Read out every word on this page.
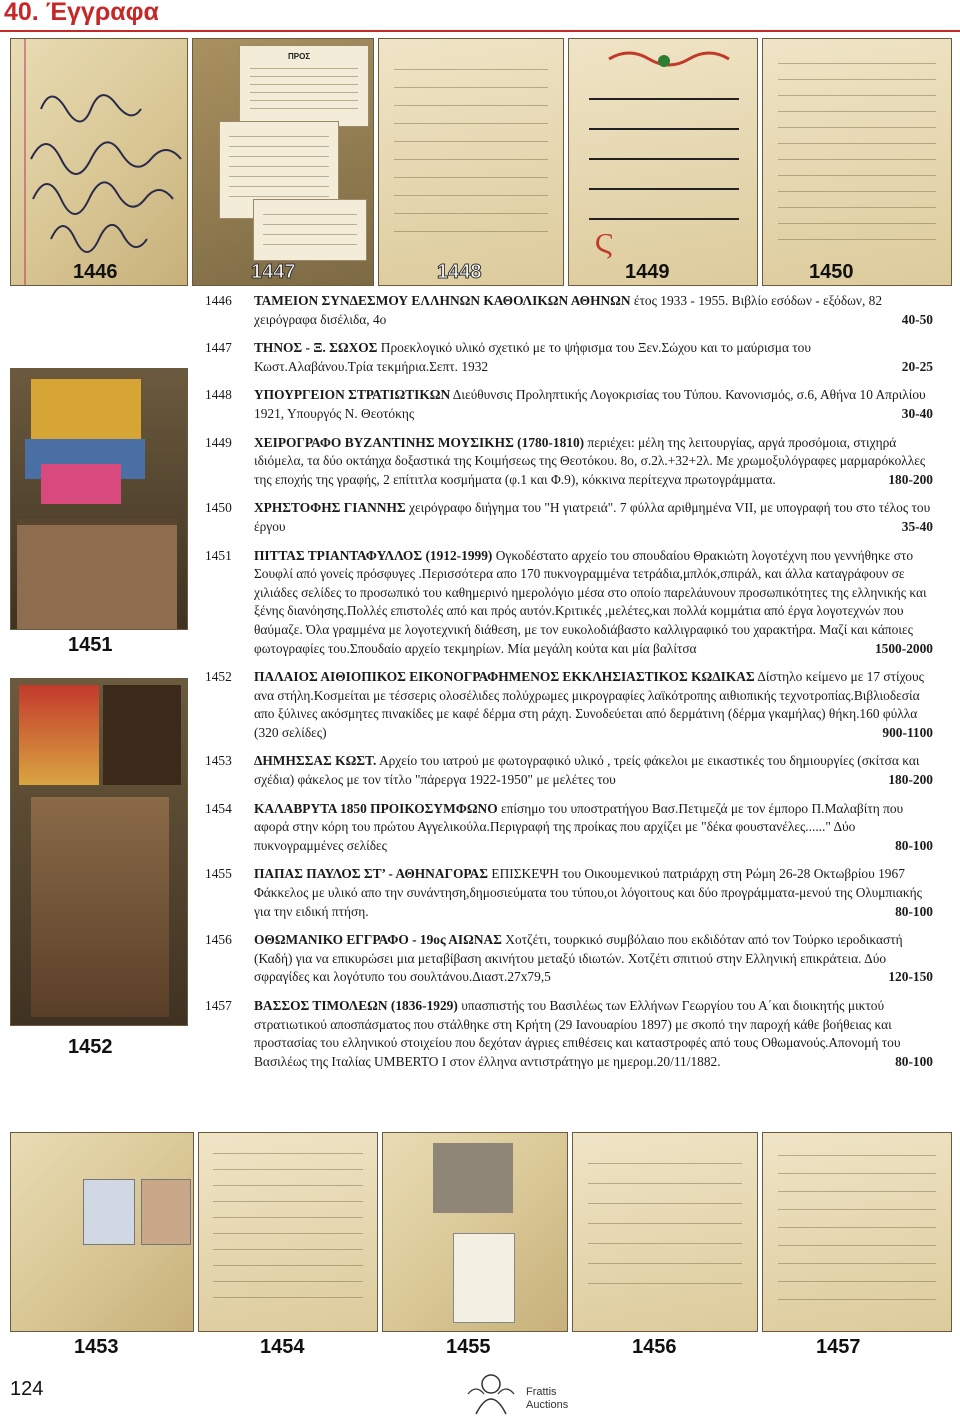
40. Έγγραφα
1446
ΠΡΟΣ
1447	1448
Ϛ
1449	1450
1451
1452
1446 ΤΑΜΕΙΟΝ ΣΥΝΔΕΣΜΟΥ ΕΛΛΗΝΩΝ ΚΑΘΟΛΙΚΩΝ ΑΘΗΝΩΝ έτος 1933 - 1955. Βιβλίο εσόδων - εξόδων, 82 χειρόγραφα δισέλιδα, 4ο	40-50
1447 ΤΗΝΟΣ - Ξ. ΣΩΧΟΣ Προεκλογικό υλικό σχετικό με το ψήφισμα του Ξεν.Σώχου και το μαύρισμα του Κωστ.Αλαβάνου.Τρία τεκμήρια.Σεπτ. 1932	20-25
1448 ΥΠΟΥΡΓΕΙΟΝ ΣΤΡΑΤΙΩΤΙΚΩΝ Διεύθυνσις Προληπτικής Λογοκρισίας του Τύπου. Κανονισμός, σ.6, Αθήνα 10 Απριλίου 1921, Υπουργός Ν. Θεοτόκης	30-40
1449 ΧΕΙΡΟΓΡΑΦΟ ΒΥΖΑΝΤΙΝΗΣ ΜΟΥΣΙΚΗΣ (1780-1810) περιέχει: μέλη της λειτουργίας, αργά προσόμοια, στιχηρά ιδιόμελα, τα δύο οκτάηχα δοξαστικά της Κοιμήσεως της Θεοτόκου. 8ο, σ.2λ.+32+2λ. Με χρωμοξυλόγραφες μαρμαρόκολλες της εποχής της γραφής, 2 επίτιτλα κοσμήματα (φ.1 και Φ.9), κόκκινα περίτεχνα πρωτογράμματα.	180-200
1450 ΧΡΗΣΤΟΦΗΣ ΓΙΑΝΝΗΣ χειρόγραφο διήγημα του "Η γιατρειά". 7 φύλλα αριθμημένα VII, με υπογραφή του στο τέλος του έργου	35-40
1451 ΠΙΤΤΑΣ ΤΡΙΑΝΤΑΦΥΛΛΟΣ (1912-1999) Ογκοδέστατο αρχείο του σπουδαίου Θρακιώτη λογοτέχνη που γεννήθηκε στο Σουφλί από γονείς πρόσφυγες .Περισσότερα απο 170 πυκνογραμμένα τετράδια,μπλόκ,σπιράλ, και άλλα καταγράφουν σε χιλιάδες σελίδες το προσωπικό του καθημερινό ημερολόγιο μέσα στο οποίο παρελάυνουν προσωπικότητες της ελληνικής και ξένης διανόησης.Πολλές επιστολές από και πρός αυτόν.Κριτικές ,μελέτες,και πολλά κομμάτια από έργα λογοτεχνών που θαύμαζε. Όλα γραμμένα με λογοτεχνική διάθεση, με τον ευκολοδιάβαστο καλλιγραφικό του χαρακτήρα. Μαζί και κάποιες φωτογραφίες του.Σπουδαίο αρχείο τεκμηρίων. Μία μεγάλη κούτα και μία βαλίτσα	1500-2000
1452 ΠΑΛΑΙΟΣ ΑΙΘΙΟΠΙΚΟΣ ΕΙΚΟΝΟΓΡΑΦΗΜΕΝΟΣ ΕΚΚΛΗΣΙΑΣΤΙΚΟΣ ΚΩΔΙΚΑΣ Δίστηλο κείμενο με 17 στίχους ανα στήλη.Κοσμείται με τέσσερις ολοσέλιδες πολύχρωμες μικρογραφίες λαϊκότροπης αιθιοπικής τεχνοτροπίας.Βιβλιοδεσία απο ξύλινες ακόσμητες πινακίδες με καφέ δέρμα στη ράχη. Συνοδεύεται από δερμάτινη (δέρμα γκαμήλας) θήκη.160 φύλλα (320 σελίδες)	900-1100
1453 ΔΗΜΗΣΣΑΣ ΚΩΣΤ. Αρχείο του ιατρού με φωτογραφικό υλικό , τρείς φάκελοι με εικαστικές του δημιουργίες (σκίτσα και σχέδια) φάκελος με τον τίτλο "πάρεργα 1922-1950" με μελέτες του	180-200
1454 ΚΑΛΑΒΡΥΤΑ 1850 ΠΡΟΙΚΟΣΥΜΦΩΝΟ επίσημο του υποστρατήγου Βασ.Πετιμεζά με τον έμπορο Π.Μαλαβίτη που αφορά στην κόρη του πρώτου Αγγελικούλα.Περιγραφή της προίκας που αρχίζει με "δέκα φουστανέλες......" Δύο πυκνογραμμένες σελίδες	80-100
1455 ΠΑΠΑΣ ΠΑΥΛΟΣ ΣΤ’ - ΑΘΗΝΑΓΟΡΑΣ ΕΠΙΣΚΕΨΗ του Οικουμενικού πατριάρχη στη Ρώμη 26-28 Οκτωβρίου 1967 Φάκκελος με υλικό απο την συνάντηση,δημοσιεύματα του τύπου,οι λόγοιτους και δύο προγράμματα-μενού της Ολυμπιακής για την ειδική πτήση.	80-100
1456 ΟΘΩΜΑΝΙΚΟ ΕΓΓΡΑΦΟ - 19ος ΑΙΩΝΑΣ Χοτζέτι, τουρκικό συμβόλαιο που εκδιδόταν από τον Τούρκο ιεροδικαστή (Καδή) για να επικυρώσει μια μεταβίβαση ακινήτου μεταξύ ιδιωτών. Χοτζέτι σπιτιού στην Ελληνική επικράτεια. Δύο σφραγίδες και λογότυπο του σουλτάνου.Διαστ.27x79,5	120-150
1457 ΒΑΣΣΟΣ ΤΙΜΟΛΕΩΝ (1836-1929) υπασπιστής του Βασιλέως των Ελλήνων Γεωργίου του Α΄και διοικητής μικτού στρατιωτικού αποσπάσματος που στάλθηκε στη Κρήτη (29 Ιανουαρίου 1897) με σκοπό την παροχή κάθε βοήθειας και προστασίας του ελληνικού στοιχείου που δεχόταν άγριες επιθέσεις και καταστροφές από τους Οθωμανούς.Απονομή του Βασιλέως της Ιταλίας UMBERTO I στον έλληνα αντιστράτηγο με ημερομ.20/11/1882.	80-100
1453	1454	1455	1456	1457
124	Frattis
Auctions
